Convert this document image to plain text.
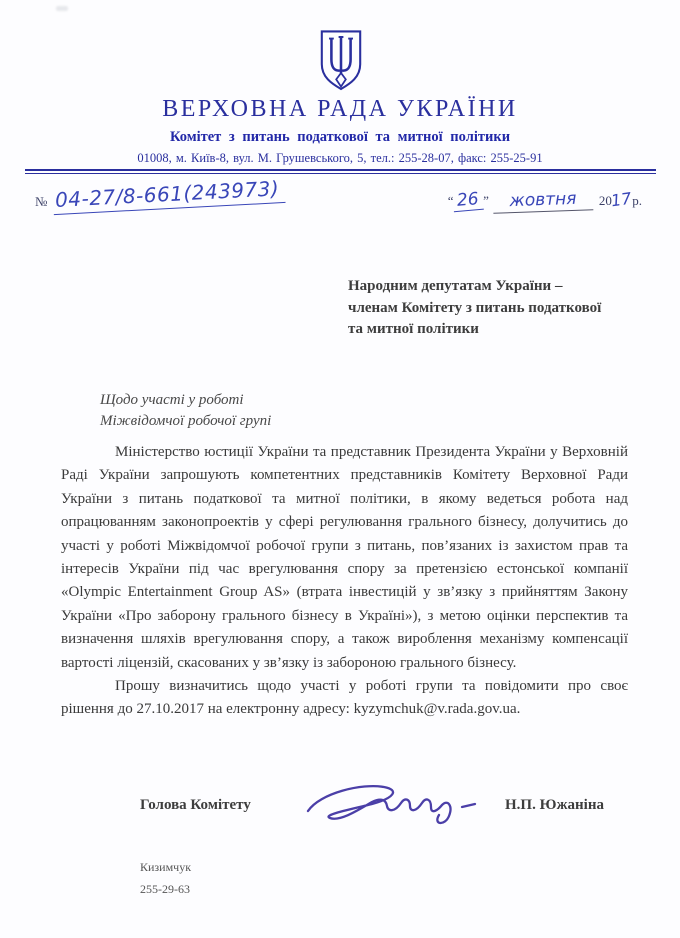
ВЕРХОВНА РАДА УКРАЇНИ
Комітет з питань податкової та митної політики
01008, м. Київ-8, вул. М. Грушевського, 5, тел.: 255-28-07, факс: 255-25-91
№ 04-27/8-661(243973)	“ 26 ”	жовтня	20
17 р.
Народним депутатам України –
членам Комітету з питань податкової
та митної політики
Щодо участі у роботі
Міжвідомчої робочої групі

Міністерство юстиції України та представник Президента України у Верховній Раді України запрошують компетентних представників Комітету Верховної Ради України з питань податкової та митної політики, в якому ведеться робота над опрацюванням законопроектів у сфері регулювання грального бізнесу, долучитись до участі у роботі Міжвідомчої робочої групи з питань, пов’язаних із захистом прав та інтересів України під час врегулювання спору за претензією естонської компанії «Olympic Entertainment Group AS» (втрата інвестицій у зв’язку з прийняттям Закону України «Про заборону грального бізнесу в Україні»), з метою оцінки перспектив та визначення шляхів врегулювання спору, а також вироблення механізму компенсації вартості ліцензій, скасованих у зв’язку із забороною грального бізнесу.

Прошу визначитись щодо участі у роботі групи та повідомити про своє рішення до 27.10.2017 на електронну адресу: kyzymchuk@v.rada.gov.ua.

Голова Комітету	Н.П. Южаніна
Кизимчук
255-29-63
